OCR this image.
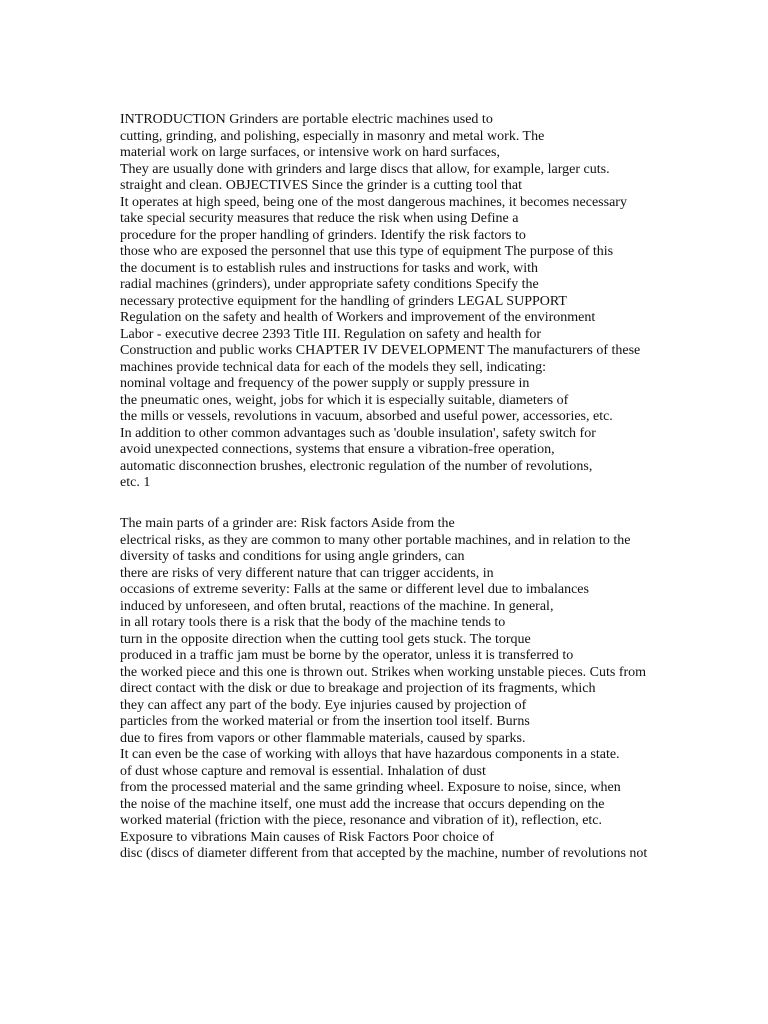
INTRODUCTION Grinders are portable electric machines used to
cutting, grinding, and polishing, especially in masonry and metal work. The
material work on large surfaces, or intensive work on hard surfaces,
They are usually done with grinders and large discs that allow, for example, larger cuts.
straight and clean. OBJECTIVES Since the grinder is a cutting tool that
It operates at high speed, being one of the most dangerous machines, it becomes necessary
take special security measures that reduce the risk when using Define a
procedure for the proper handling of grinders. Identify the risk factors to
those who are exposed the personnel that use this type of equipment The purpose of this
the document is to establish rules and instructions for tasks and work, with
radial machines (grinders), under appropriate safety conditions Specify the
necessary protective equipment for the handling of grinders LEGAL SUPPORT
Regulation on the safety and health of Workers and improvement of the environment
Labor - executive decree 2393 Title III. Regulation on safety and health for
Construction and public works CHAPTER IV DEVELOPMENT The manufacturers of these
machines provide technical data for each of the models they sell, indicating:
nominal voltage and frequency of the power supply or supply pressure in
the pneumatic ones, weight, jobs for which it is especially suitable, diameters of
the mills or vessels, revolutions in vacuum, absorbed and useful power, accessories, etc.
In addition to other common advantages such as 'double insulation', safety switch for
avoid unexpected connections, systems that ensure a vibration-free operation,
automatic disconnection brushes, electronic regulation of the number of revolutions,
etc. 1
The main parts of a grinder are: Risk factors Aside from the
electrical risks, as they are common to many other portable machines, and in relation to the
diversity of tasks and conditions for using angle grinders, can
there are risks of very different nature that can trigger accidents, in
occasions of extreme severity: Falls at the same or different level due to imbalances
induced by unforeseen, and often brutal, reactions of the machine. In general,
in all rotary tools there is a risk that the body of the machine tends to
turn in the opposite direction when the cutting tool gets stuck. The torque
produced in a traffic jam must be borne by the operator, unless it is transferred to
the worked piece and this one is thrown out. Strikes when working unstable pieces. Cuts from
direct contact with the disk or due to breakage and projection of its fragments, which
they can affect any part of the body. Eye injuries caused by projection of
particles from the worked material or from the insertion tool itself. Burns
due to fires from vapors or other flammable materials, caused by sparks.
It can even be the case of working with alloys that have hazardous components in a state.
of dust whose capture and removal is essential. Inhalation of dust
from the processed material and the same grinding wheel. Exposure to noise, since, when
the noise of the machine itself, one must add the increase that occurs depending on the
worked material (friction with the piece, resonance and vibration of it), reflection, etc.
Exposure to vibrations Main causes of Risk Factors Poor choice of
disc (discs of diameter different from that accepted by the machine, number of revolutions not
